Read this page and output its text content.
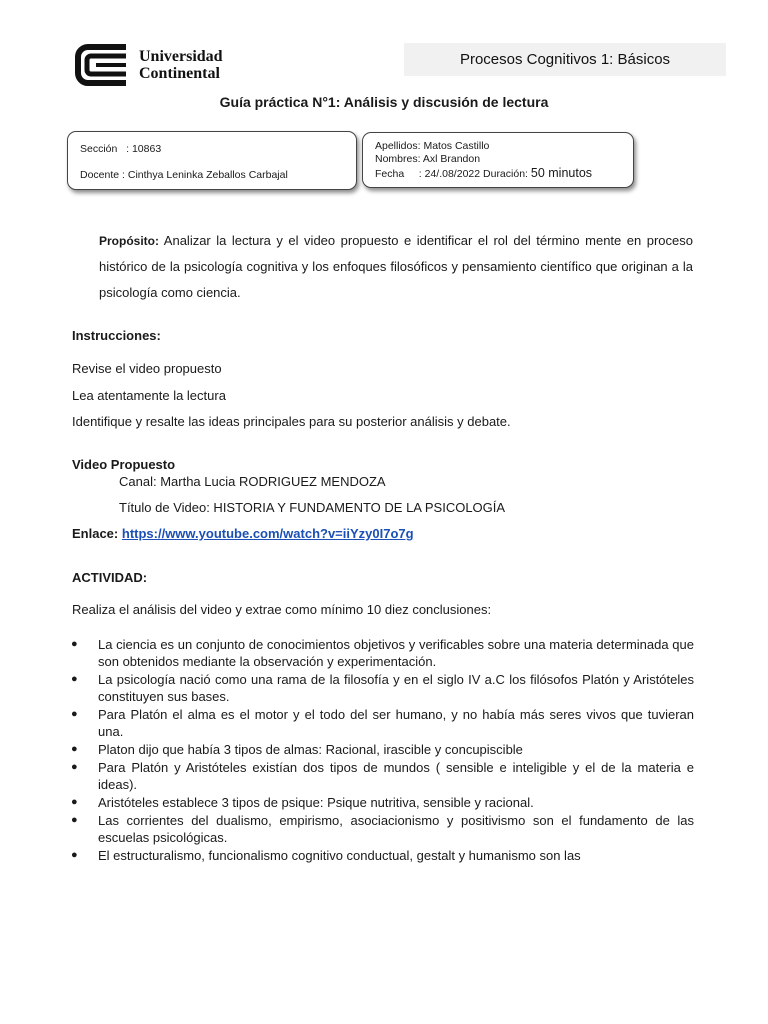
Universidad
Continental
Procesos Cognitivos 1: Básicos
Guía práctica N°1: Análisis y discusión de lectura
Sección : 10863
Docente : Cinthya Leninka Zeballos Carbajal
Apellidos: Matos Castillo
Nombres: Axl Brandon
Fecha : 24/.08/2022 Duración: 50 minutos
Propósito: Analizar la lectura y el video propuesto e identificar el rol del término mente en proceso histórico de la psicología cognitiva y los enfoques filosóficos y pensamiento científico que originan a la psicología como ciencia.
Instrucciones:
Revise el video propuesto
Lea atentamente la lectura
Identifique y resalte las ideas principales para su posterior análisis y debate.
Video Propuesto
Canal: Martha Lucia RODRIGUEZ MENDOZA
Título de Video: HISTORIA Y FUNDAMENTO DE LA PSICOLOGÍA
Enlace: https://www.youtube.com/watch?v=iiYzy0I7o7g
ACTIVIDAD:
Realiza el análisis del video y extrae como mínimo 10 diez conclusiones:
● La ciencia es un conjunto de conocimientos objetivos y verificables sobre una materia determinada que son obtenidos mediante la observación y experimentación.
● La psicología nació como una rama de la filosofía y en el siglo IV a.C los filósofos Platón y Aristóteles constituyen sus bases.
● Para Platón el alma es el motor y el todo del ser humano, y no había más seres vivos que tuvieran una.
● Platon dijo que había 3 tipos de almas: Racional, irascible y concupiscible
● Para Platón y Aristóteles existían dos tipos de mundos ( sensible e inteligible y el de la materia e ideas).
● Aristóteles establece 3 tipos de psique: Psique nutritiva, sensible y racional.
● Las corrientes del dualismo, empirismo, asociacionismo y positivismo son el fundamento de las escuelas psicológicas.
● El estructuralismo, funcionalismo cognitivo conductual, gestalt y humanismo son las
